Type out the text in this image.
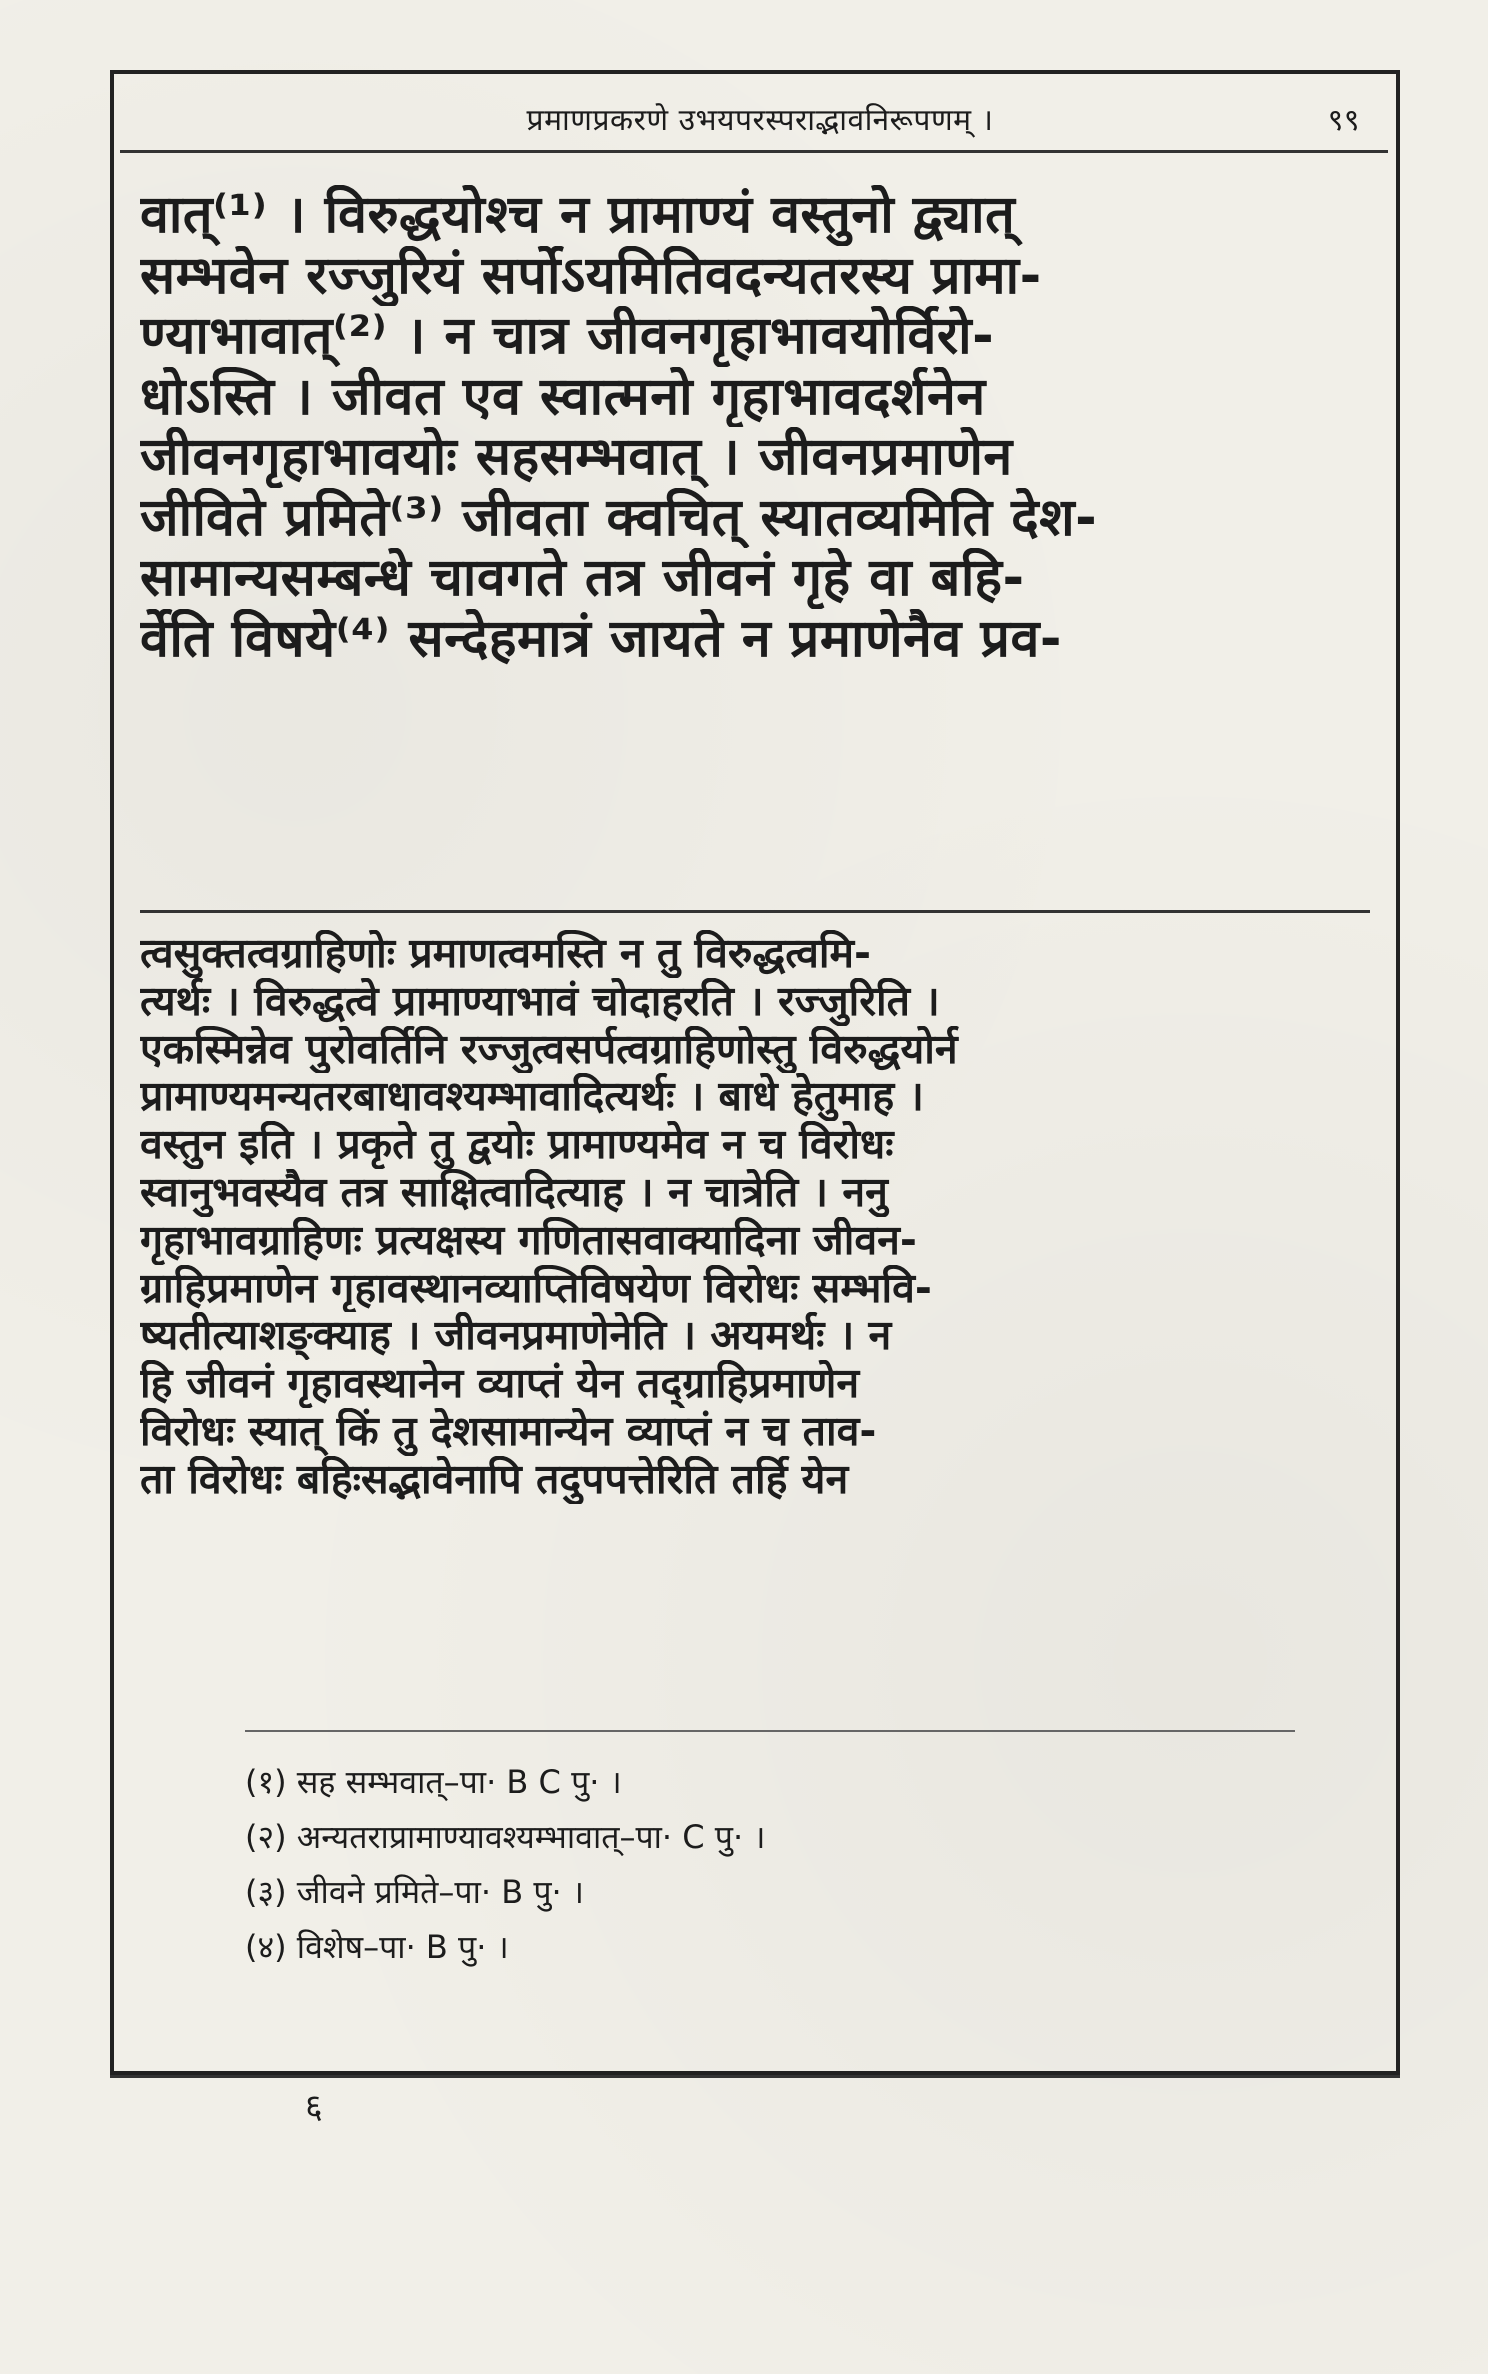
प्रमाणप्रकरणे उभयपरस्पराद्भावनिरूपणम् ।	९९
वात्⁽¹⁾ । विरुद्धयोश्च न प्रामाण्यं वस्तुनो द्व्यात्
सम्भवेन रज्जुरियं सर्पोऽयमितिवदन्यतरस्य प्रामा-
ण्याभावात्⁽²⁾ । न चात्र जीवनगृहाभावयोर्विरो-
धोऽस्ति । जीवत एव स्वात्मनो गृहाभावदर्शनेन
जीवनगृहाभावयोः सहसम्भवात् । जीवनप्रमाणेन
जीविते प्रमिते⁽³⁾ जीवता क्वचित् स्यातव्यमिति देश-
सामान्यसम्बन्धे चावगते तत्र जीवनं गृहे वा बहि-
र्वेति विषये⁽⁴⁾ सन्देहमात्रं जायते न प्रमाणेनैव प्रव-
त्वसुक्तत्वग्राहिणोः प्रमाणत्वमस्ति न तु विरुद्धत्वमि-
त्यर्थः । विरुद्धत्वे प्रामाण्याभावं चोदाहरति । रज्जुरिति ।
एकस्मिन्नेव पुरोवर्तिनि रज्जुत्वसर्पत्वग्राहिणोस्तु विरुद्धयोर्न
प्रामाण्यमन्यतरबाधावश्यम्भावादित्यर्थः । बाधे हेतुमाह ।
वस्तुन इति । प्रकृते तु द्वयोः प्रामाण्यमेव न च विरोधः
स्वानुभवस्यैव तत्र साक्षित्वादित्याह । न चात्रेति । ननु
गृहाभावग्राहिणः प्रत्यक्षस्य गणितासवाक्यादिना जीवन-
ग्राहिप्रमाणेन गृहावस्थानव्याप्तिविषयेण विरोधः सम्भवि-
ष्यतीत्याशङ्क्याह । जीवनप्रमाणेनेति । अयमर्थः । न
हि जीवनं गृहावस्थानेन व्याप्तं येन तद्ग्राहिप्रमाणेन
विरोधः स्यात् किं तु देशसामान्येन व्याप्तं न च ताव-
ता विरोधः बहिःसद्भावेनापि तदुपपत्तेरिति तर्हि येन
(१) सह सम्भवात्–पा· B C पु· ।
(२) अन्यतराप्रामाण्यावश्यम्भावात्–पा· C पु· ।
(३) जीवने प्रमिते–पा· B पु· ।
(४) विशेष–पा· B पु· ।
६
